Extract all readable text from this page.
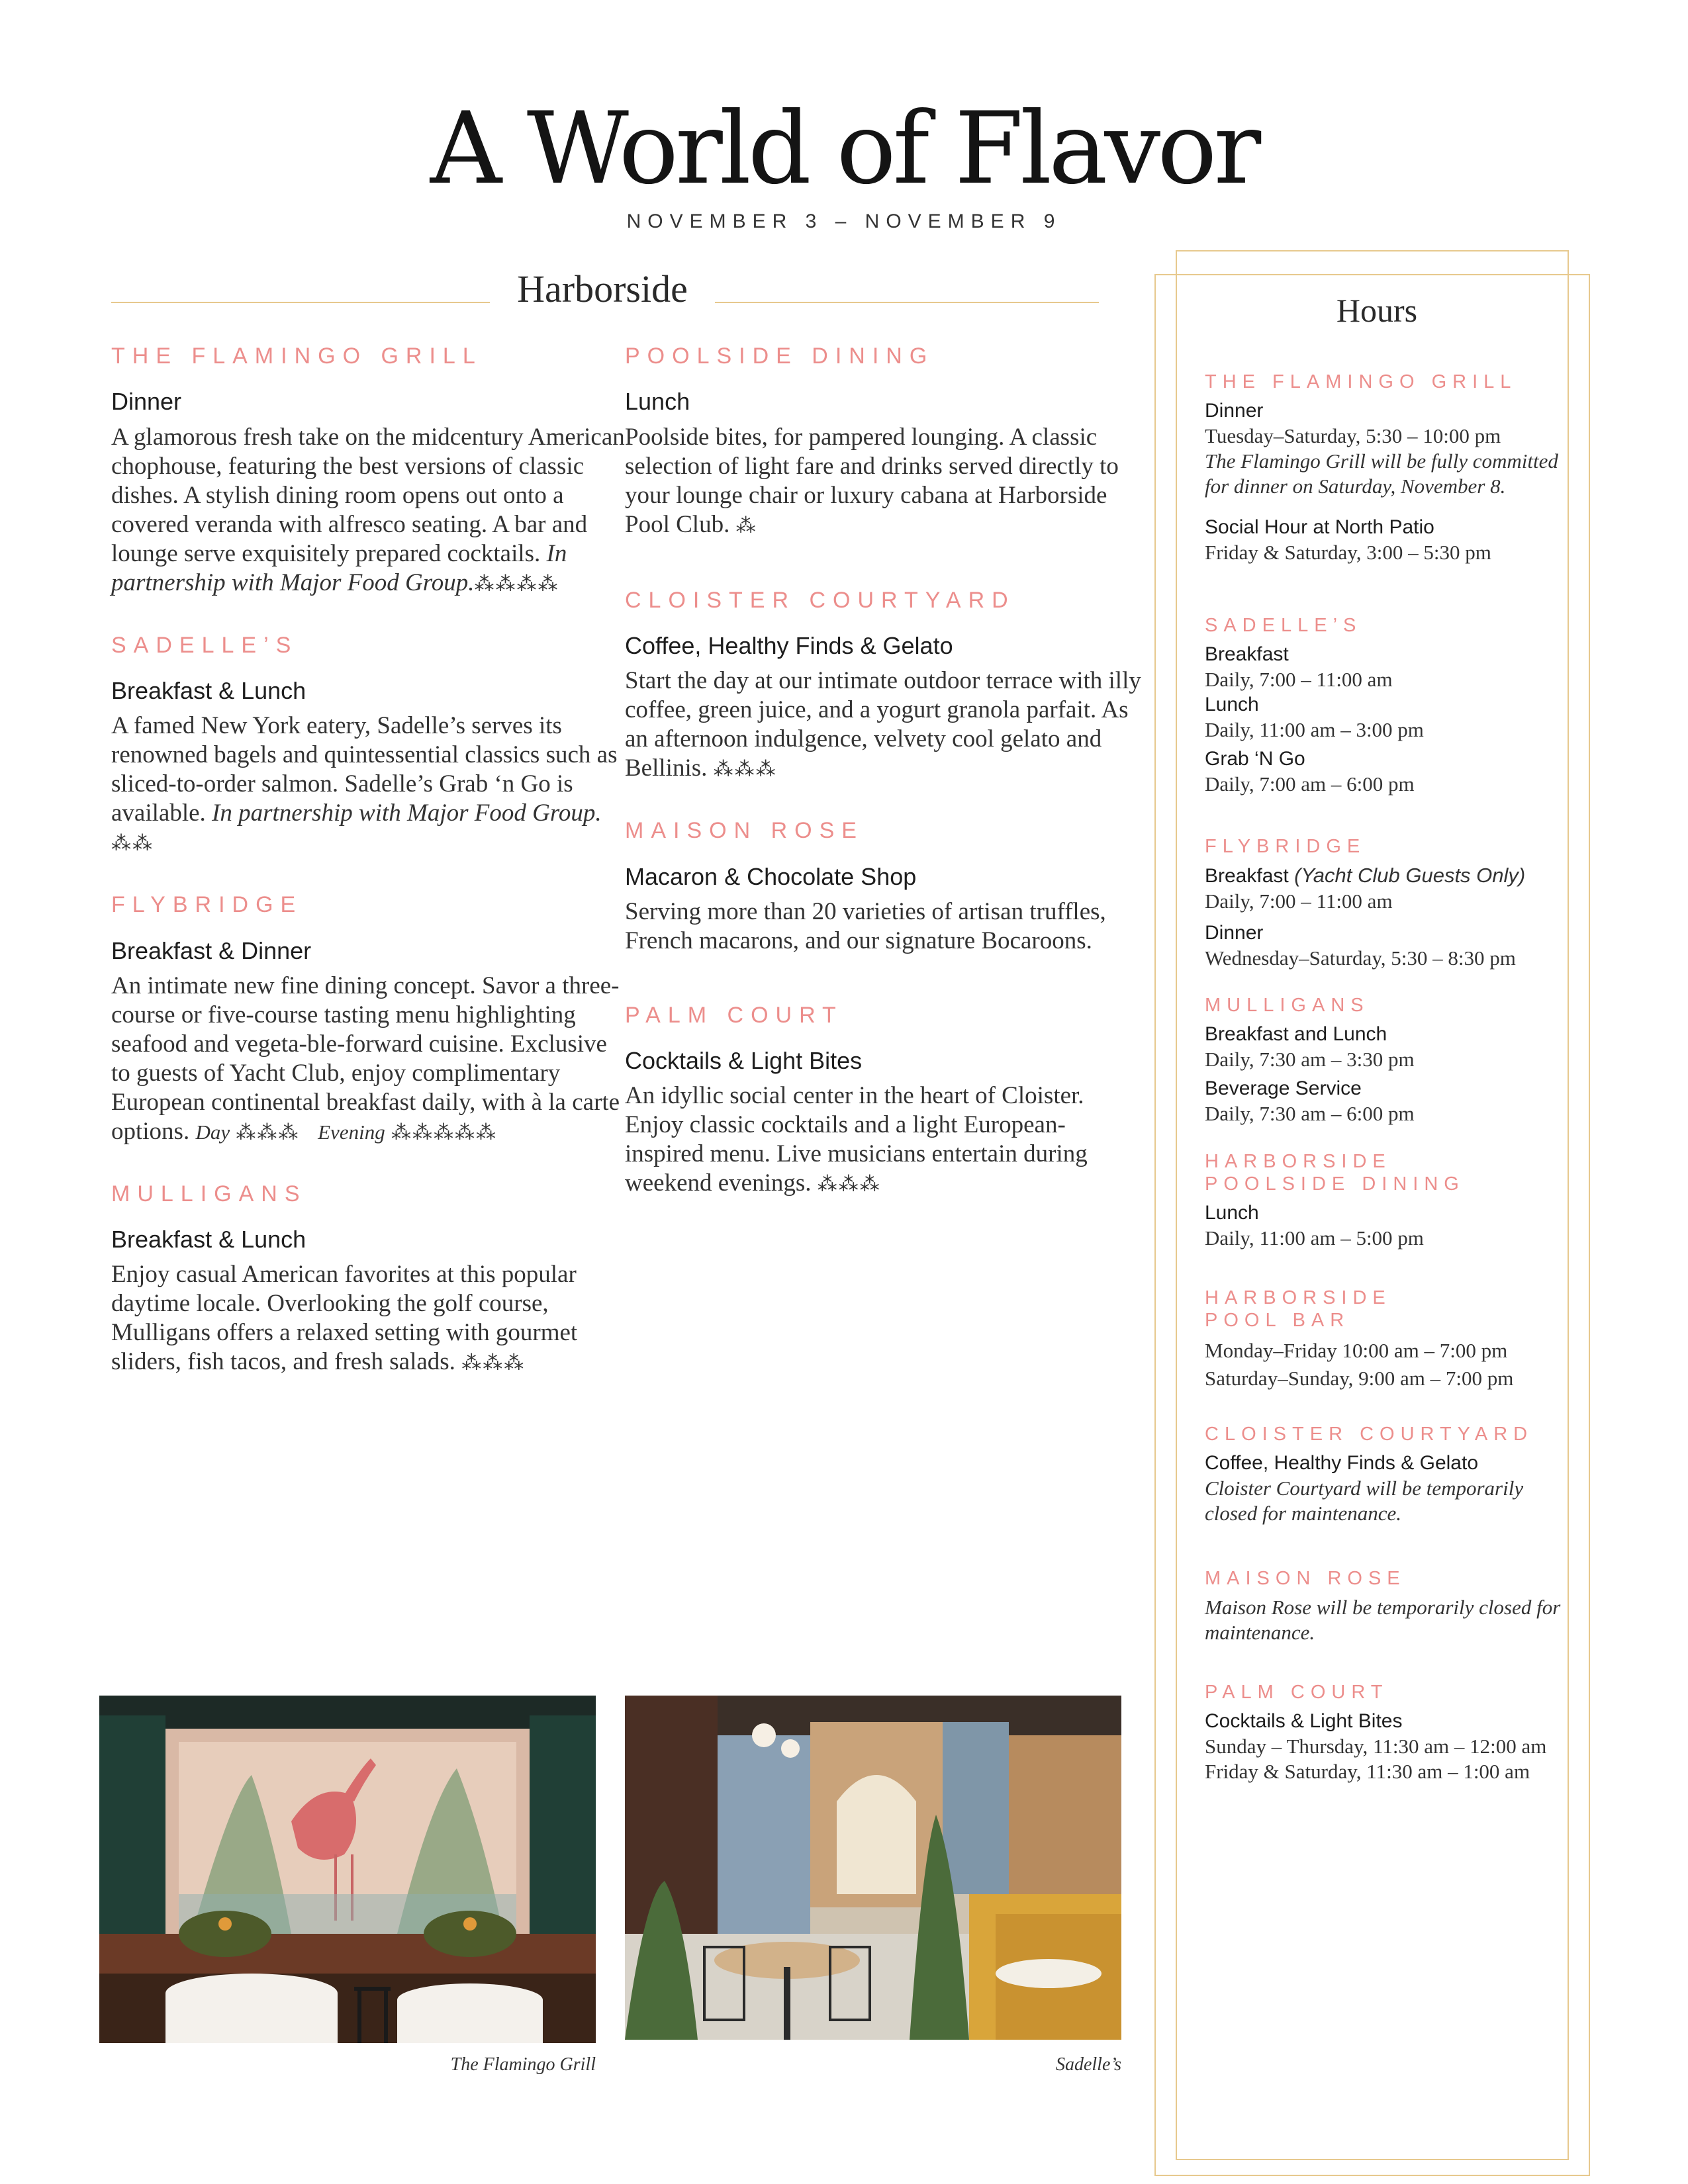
A World of Flavor
NOVEMBER 3 – NOVEMBER 9
Harborside
THE FLAMINGO GRILL
Dinner
A glamorous fresh take on the midcentury American chophouse, featuring the best versions of classic dishes. A stylish dining room opens out onto a covered veranda with alfresco seating. A bar and lounge serve exquisitely prepared cocktails. In partnership with Major Food Group.⁂⁂⁂⁂
SADELLE’S
Breakfast & Lunch
A famed New York eatery, Sadelle’s serves its renowned bagels and quintessential classics such as sliced-to-order salmon. Sadelle’s Grab ‘n Go is available. In partnership with Major Food Group. ⁂⁂
FLYBRIDGE
Breakfast & Dinner
An intimate new fine dining concept. Savor a three-course or five-course tasting menu highlighting seafood and vegeta-ble-forward cuisine. Exclusive to guests of Yacht Club, enjoy complimentary European continental breakfast daily, with à la carte options. Day ⁂⁂⁂ Evening ⁂⁂⁂⁂⁂
MULLIGANS
Breakfast & Lunch
Enjoy casual American favorites at this popular daytime locale. Overlooking the golf course, Mulligans offers a relaxed setting with gourmet sliders, fish tacos, and fresh salads. ⁂⁂⁂
POOLSIDE DINING
Lunch
Poolside bites, for pampered lounging. A classic selection of light fare and drinks served directly to your lounge chair or luxury cabana at Harborside Pool Club. ⁂
CLOISTER COURTYARD
Coffee, Healthy Finds & Gelato
Start the day at our intimate outdoor terrace with illy coffee, green juice, and a yogurt granola parfait. As an afternoon indulgence, velvety cool gelato and Bellinis. ⁂⁂⁂
MAISON ROSE
Macaron & Chocolate Shop
Serving more than 20 varieties of artisan truffles, French macarons, and our signature Bocaroons.
PALM COURT
Cocktails & Light Bites
An idyllic social center in the heart of Cloister. Enjoy classic cocktails and a light European-inspired menu. Live musicians entertain during weekend evenings. ⁂⁂⁂
Hours
THE FLAMINGO GRILL
Dinner
Tuesday–Saturday, 5:30 – 10:00 pm
The Flamingo Grill will be fully committed for dinner on Saturday, November 8.
Social Hour at North Patio
Friday & Saturday, 3:00 – 5:30 pm
SADELLE’S
Breakfast
Daily, 7:00 – 11:00 am
Lunch
Daily, 11:00 am – 3:00 pm
Grab ‘N Go
Daily, 7:00 am – 6:00 pm
FLYBRIDGE
Breakfast (Yacht Club Guests Only)
Daily, 7:00 – 11:00 am
Dinner
Wednesday–Saturday, 5:30 – 8:30 pm
MULLIGANS
Breakfast and Lunch
Daily, 7:30 am – 3:30 pm
Beverage Service
Daily, 7:30 am – 6:00 pm
HARBORSIDE
POOLSIDE DINING
Lunch
Daily, 11:00 am – 5:00 pm
HARBORSIDE
POOL BAR
Monday–Friday 10:00 am – 7:00 pm
Saturday–Sunday, 9:00 am – 7:00 pm
CLOISTER COURTYARD
Coffee, Healthy Finds & Gelato
Cloister Courtyard will be temporarily closed for maintenance.
MAISON ROSE
Maison Rose will be temporarily closed for maintenance.
PALM COURT
Cocktails & Light Bites
Sunday – Thursday, 11:30 am – 12:00 am
Friday & Saturday, 11:30 am – 1:00 am
The Flamingo Grill	Sadelle’s
